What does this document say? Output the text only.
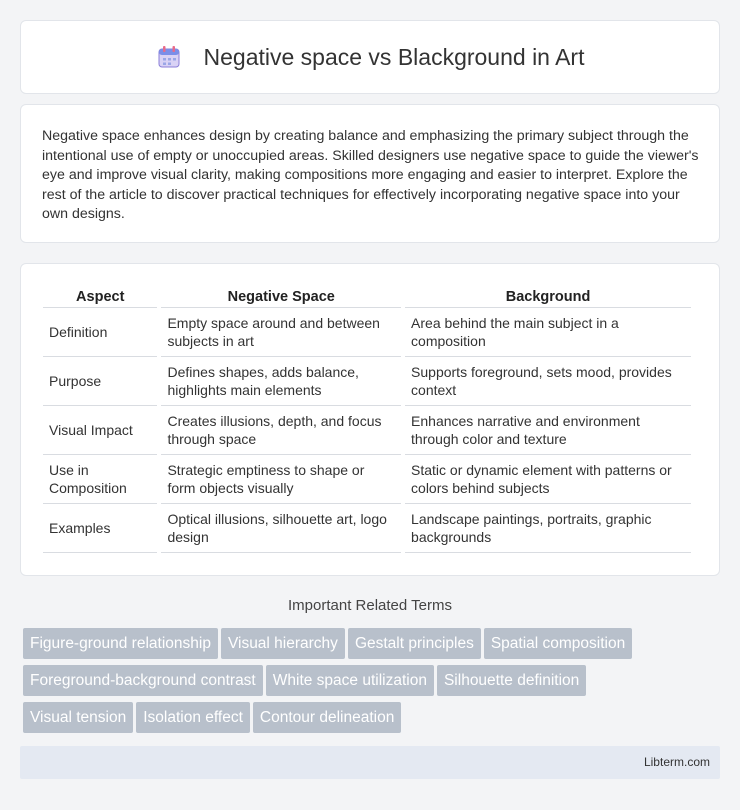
Negative space vs Blackground in Art

Negative space enhances design by creating balance and emphasizing the primary subject through the intentional use of empty or unoccupied areas. Skilled designers use negative space to guide the viewer's eye and improve visual clarity, making compositions more engaging and easier to interpret. Explore the rest of the article to discover practical techniques for effectively incorporating negative space into your own designs.

Aspect	Negative Space	Background
Definition	Empty space around and between subjects in art	Area behind the main subject in a composition
Purpose	Defines shapes, adds balance, highlights main elements	Supports foreground, sets mood, provides context
Visual Impact	Creates illusions, depth, and focus through space	Enhances narrative and environment through color and texture
Use in Composition	Strategic emptiness to shape or form objects visually	Static or dynamic element with patterns or colors behind subjects
Examples	Optical illusions, silhouette art, logo design	Landscape paintings, portraits, graphic backgrounds
Important Related Terms
Figure-ground relationship Visual hierarchy Gestalt principles Spatial composition
Foreground-background contrast White space utilization Silhouette definition
Visual tension Isolation effect Contour delineation
Libterm.com
